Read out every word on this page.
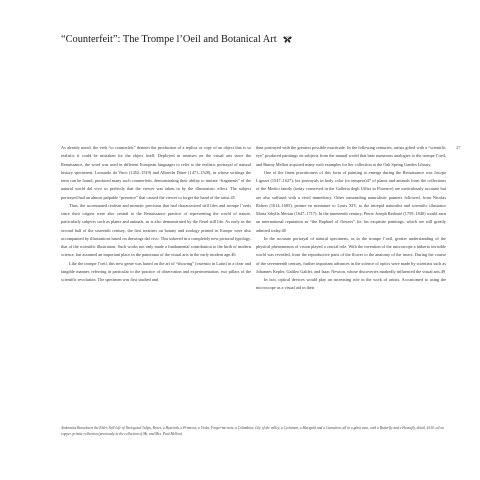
“Counterfeit”: The Trompe l’Oeil and Botanical Art
27

As already noted, the verb “to counterfeit” denotes the production of a replica or copy of an object that is so realistic it could be mistaken for the object itself. Deployed in treatises on the visual arts since the Renaissance, the word was used in different European languages to refer to the realistic portrayal of natural history specimens. Leonardo da Vinci (1452–1519) and Albrecht Dürer (1471–1528), in whose writings the term can be found, produced many such counterfeits, demonstrating their ability to imitate “fragments” of the natural world dal vivo so perfectly that the viewer was taken in by the illusionistic effect. The subject portrayed had an almost palpable “presence” that caused the viewer to forget the hand of the artist.45

Thus, the accentuated realism and mimetic precision that had characterized still lifes and trompe l’oeils since their origins were also central to the Renaissance practice of representing the world of nature, particularly subjects such as plants and animals, as is also demonstrated by the floral still life. As early as the second half of the sixteenth century, the first treatises on botany and zoology printed in Europe were also accompanied by illustrations based on drawings dal vivo. This ushered in a completely new pictorial typology, that of the scientific illustration. Such works not only made a fundamental contribution to the birth of modern science, but assumed an important place in the panorama of the visual arts in the early modern age.46

Like the trompe l’oeil, this new genre was based on the art of “showing” (ostensio in Latin) in a clear and tangible manner, referring in particular to the practice of observation and experimentation, two pillars of the scientific revolution. The specimen was first studied and

then portrayed with the greatest possible exactitude. In the following centuries, artists gifted with a “scientific eye” produced paintings on subjects from the natural world that bear numerous analogies to the trompe l’oeil, and Bunny Mellon acquired many such examples for her collection at the Oak Spring Garden Library.

One of the finest practitioners of this form of painting to emerge during the Renaissance was Jacopo Ligozzi (1547–1627); his portrayals in body color (or tempera)47 of plants and animals from the collections of the Medici family (today conserved in the Galleria degli Uffizi in Florence) are meticulously accurate but are also suffused with a vivid immediacy. Other outstanding naturalistic painters followed, from Nicolas Robert (1614–1685), peintre en miniature to Louis XIV, to the intrepid naturalist and scientific illustrator Maria Sibylla Merian (1647–1717). In the nineteenth century, Pierre Joseph Redouté (1759–1840) would earn an international reputation as “the Raphael of flowers” for his exquisite paintings, which are still greatly admired today.48

In the accurate portrayal of natural specimens, as in the trompe l’oeil, greater understanding of the physical phenomenon of vision played a crucial role. With the invention of the microscope a hitherto invisible world was revealed, from the reproductive parts of the flower to the anatomy of the insect. During the course of the seventeenth century, further important advances in the science of optics were made by scientists such as Johannes Kepler, Galileo Galilei, and Isaac Newton, whose discoveries markedly influenced the visual arts.49

In fact, optical devices would play an increasing role in the work of artists. Accustomed to using the microscope as a visual aid in their

Ambrosius Bosschaert the Elder, Still Life of Variegated Tulips, Roses, a Hyacinth, a Primrose, a Violet, Forget-me-nots, a Columbine, Lily of the valley, a Cyclamen, a Marigold and a Carnation, all in a glass vase, with a Butterfly and a Housefly, detail, 1610, oil on copper, private collection (previously in the collection of Mr. and Mrs. Paul Mellon).
